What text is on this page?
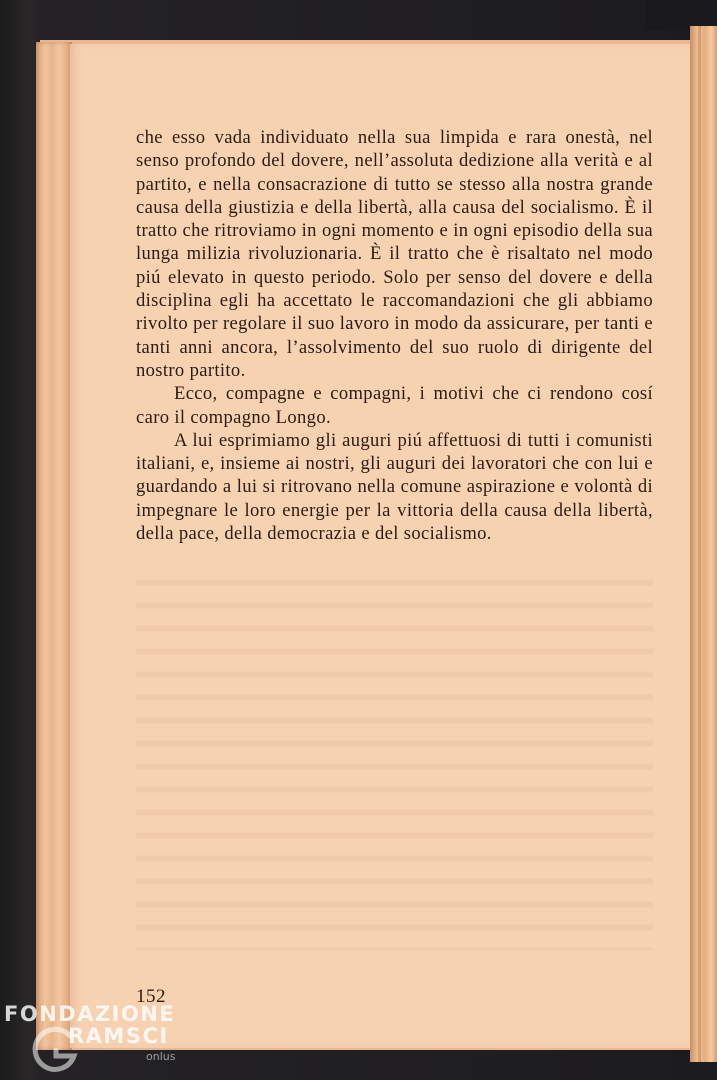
che esso vada individuato nella sua limpida e rara onestà, nel senso profondo del dovere, nell’assoluta dedizione alla verità e al partito, e nella consacrazione di tutto se stesso alla nostra grande causa della giustizia e della libertà, alla causa del socialismo. È il tratto che ritroviamo in ogni momento e in ogni episodio della sua lunga milizia rivoluzionaria. È il tratto che è risaltato nel modo piú elevato in questo periodo. Solo per senso del dovere e della disciplina egli ha accettato le raccomandazioni che gli abbiamo rivolto per regolare il suo lavoro in modo da assicurare, per tanti e tanti anni ancora, l’assolvimento del suo ruolo di dirigente del nostro partito.

Ecco, compagne e compagni, i motivi che ci rendono cosí caro il compagno Longo.

A lui esprimiamo gli auguri piú affettuosi di tutti i comunisti italiani, e, insieme ai nostri, gli auguri dei lavoratori che con lui e guardando a lui si ritrovano nella comune aspirazione e volontà di impegnare le loro energie per la vittoria della causa della libertà, della pace, della democrazia e del socialismo.

152
FONDAZIONE
RAMSCI
onlus
